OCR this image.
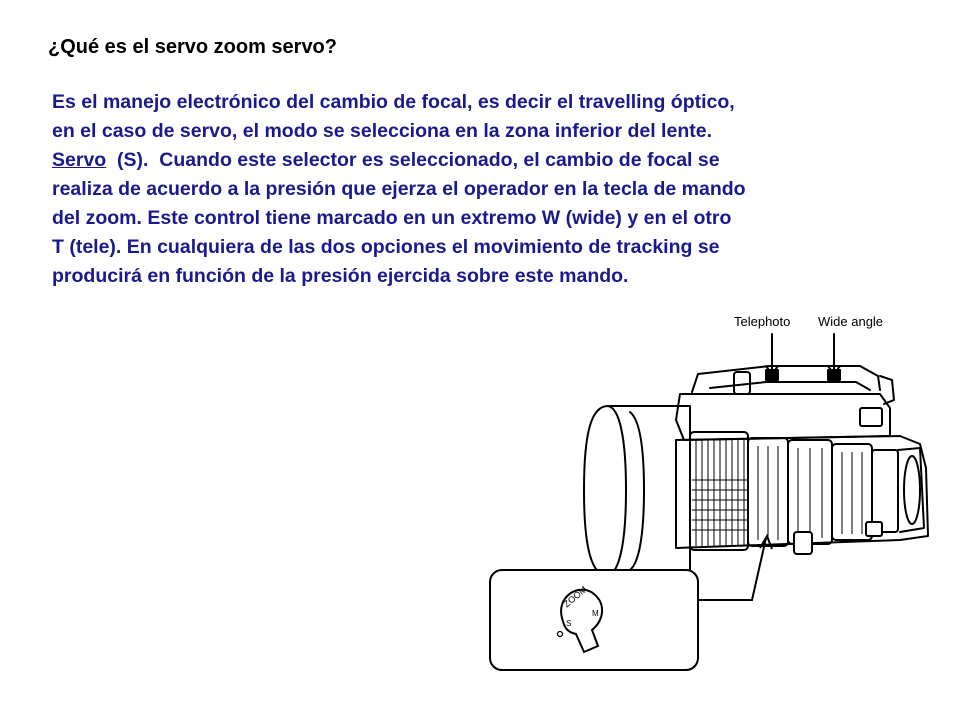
¿Qué es el servo zoom servo?
Es el manejo electrónico del cambio de focal, es decir el travelling óptico,
en el caso de servo, el modo se selecciona en la zona inferior del lente.
Servo  (S).  Cuando este selector es seleccionado, el cambio de focal se
realiza de acuerdo a la presión que ejerza el operador en la tecla de mando
del zoom. Este control tiene marcado en un extremo W (wide) y en el otro
T (tele). En cualquiera de las dos opciones el movimiento de tracking se
producirá en función de la presión ejercida sobre este mando.
Telephoto Wide angle
ZOOM
M
S
